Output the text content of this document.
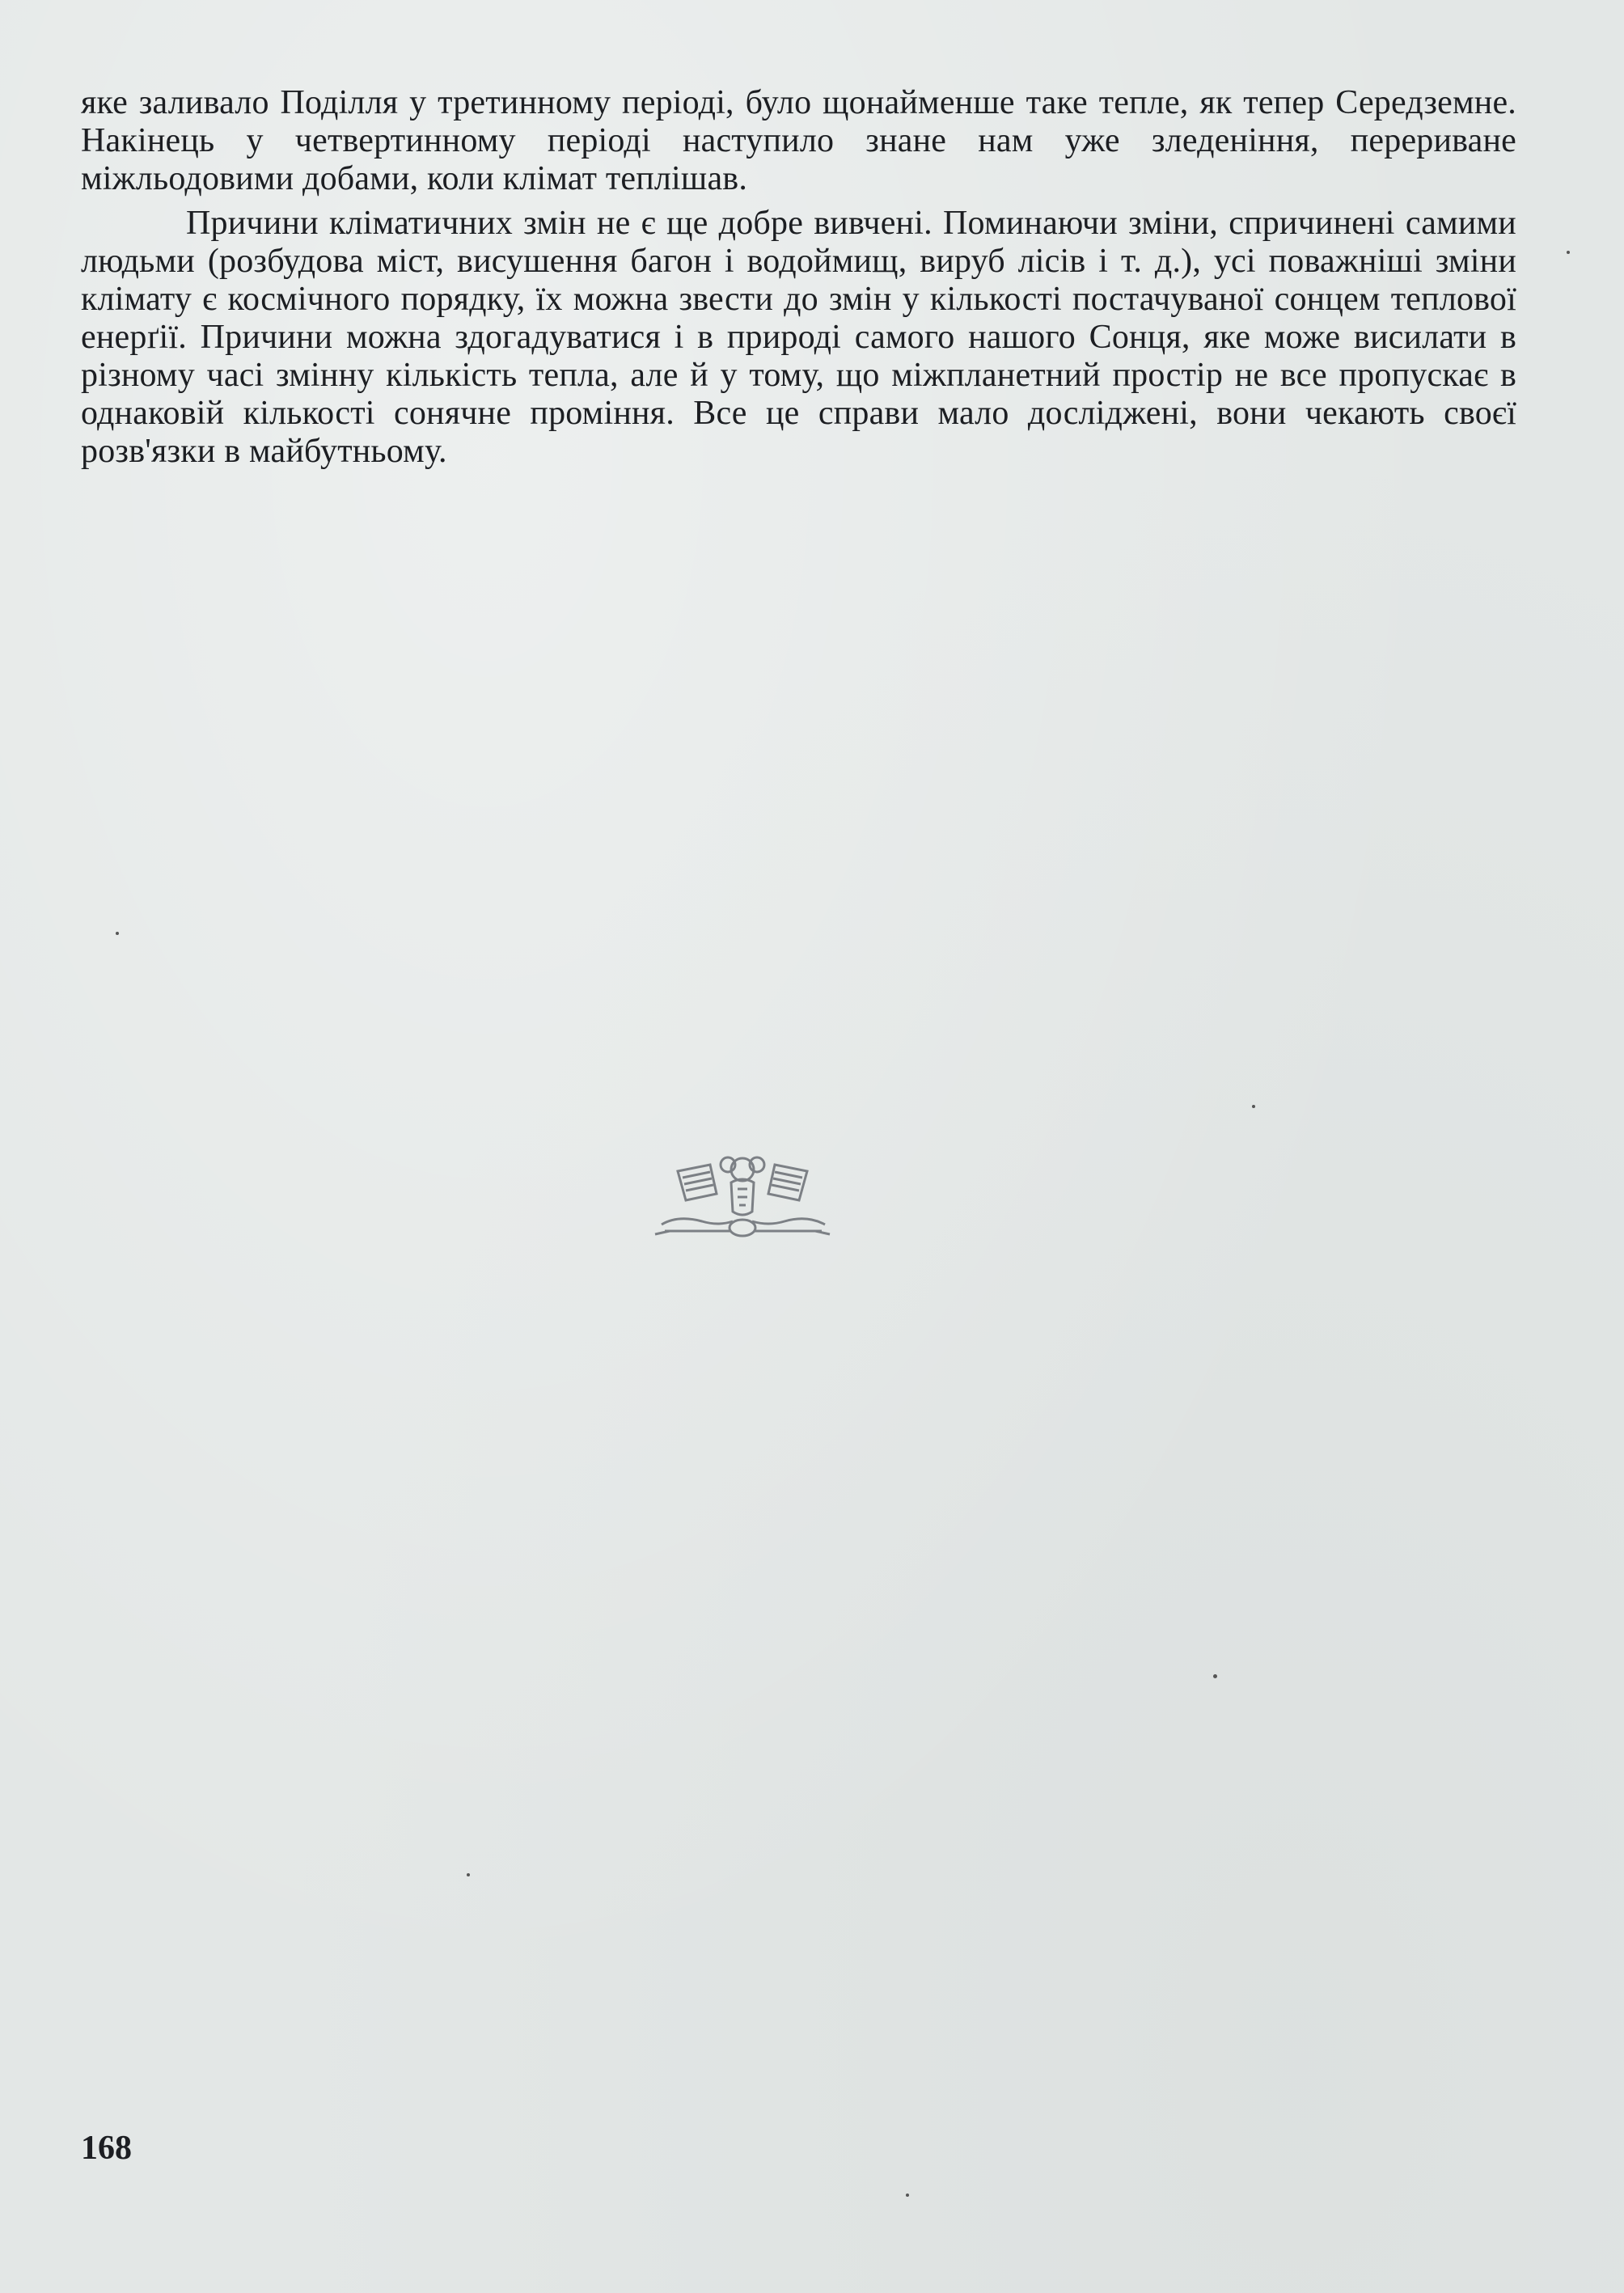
яке заливало Поділля у третинному періоді, було щонайменше таке тепле, як тепер Середземне. Накінець у четвертинному періоді наступило знане нам уже зледеніння, перериване міжльодовими добами, коли клімат теплішав.

Причини кліматичних змін не є ще добре вивчені. Поминаючи зміни, спричинені самими людьми (розбудова міст, висушення багон і водоймищ, вируб лісів і т. д.), усі поважніші зміни клімату є космічного порядку, їх можна звести до змін у кількості постачуваної сонцем теплової енерґії. Причини можна здогадуватися і в природі самого нашого Сонця, яке може висилати в різному часі змінну кількість тепла, але й у тому, що міжпланетний простір не все пропускає в однаковій кількості сонячне проміння. Все це справи мало досліджені, вони чекають своєї розв'язки в майбутньому.

168
